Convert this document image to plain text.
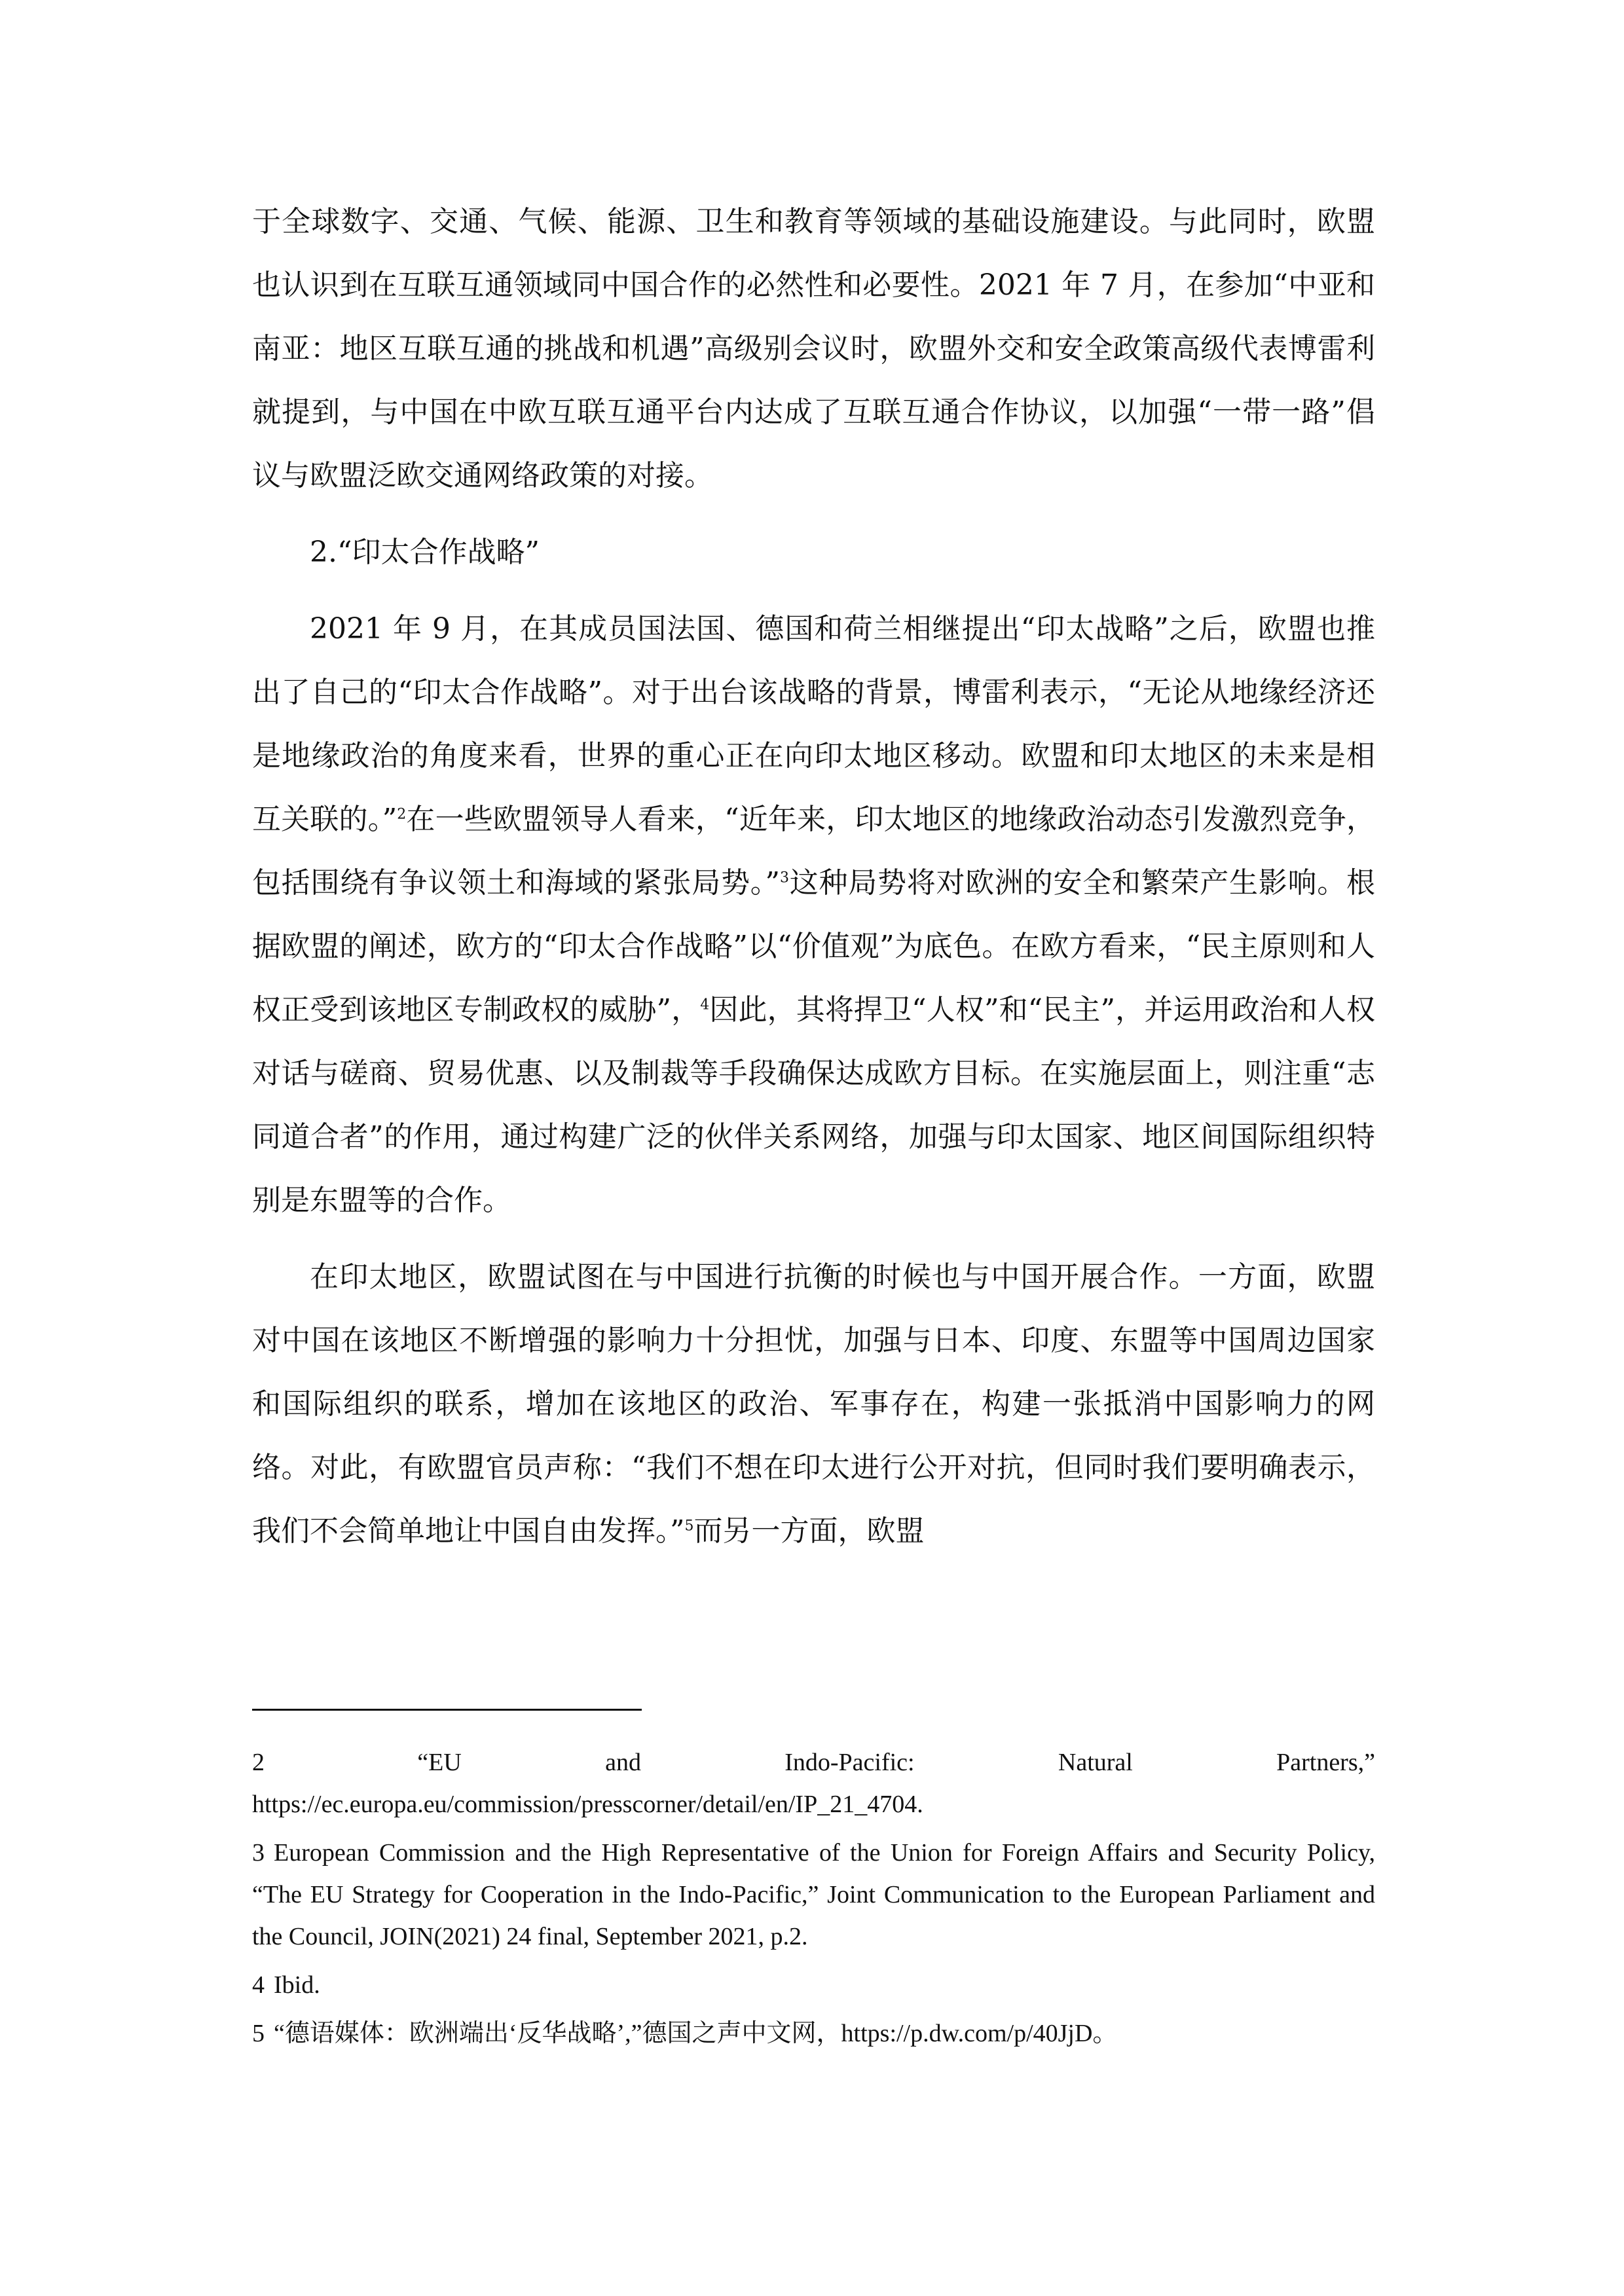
于全球数字、交通、气候、能源、卫生和教育等领域的基础设施建设。与此同时，欧盟也认识到在互联互通领域同中国合作的必然性和必要性。2021 年 7 月，在参加“中亚和南亚：地区互联互通的挑战和机遇”高级别会议时，欧盟外交和安全政策高级代表博雷利就提到，与中国在中欧互联互通平台内达成了互联互通合作协议，以加强“一带一路”倡议与欧盟泛欧交通网络政策的对接。

2.“印太合作战略”

2021 年 9 月，在其成员国法国、德国和荷兰相继提出“印太战略”之后，欧盟也推出了自己的“印太合作战略”。对于出台该战略的背景，博雷利表示，“无论从地缘经济还是地缘政治的角度来看，世界的重心正在向印太地区移动。欧盟和印太地区的未来是相互关联的。”$^2$在一些欧盟领导人看来，“近年来，印太地区的地缘政治动态引发激烈竞争，包括围绕有争议领土和海域的紧张局势。”$^3$这种局势将对欧洲的安全和繁荣产生影响。根据欧盟的阐述，欧方的“印太合作战略”以“价值观”为底色。在欧方看来，“民主原则和人权正受到该地区专制政权的威胁”，$^4$因此，其将捍卫“人权”和“民主”，并运用政治和人权对话与磋商、贸易优惠、以及制裁等手段确保达成欧方目标。在实施层面上，则注重“志同道合者”的作用，通过构建广泛的伙伴关系网络，加强与印太国家、地区间国际组织特别是东盟等的合作。

在印太地区，欧盟试图在与中国进行抗衡的时候也与中国开展合作。一方面，欧盟对中国在该地区不断增强的影响力十分担忧，加强与日本、印度、东盟等中国周边国家和国际组织的联系，增加在该地区的政治、军事存在，构建一张抵消中国影响力的网络。对此，有欧盟官员声称：“我们不想在印太进行公开对抗，但同时我们要明确表示，我们不会简单地让中国自由发挥。”$^5$而另一方面，欧盟

2	“EU and Indo-Pacific: Natural Partners,”

https://ec.europa.eu/commission/presscorner/detail/en/IP_21_4704.

3 European Commission and the High Representative of the Union for Foreign Affairs and Security Policy, “The EU Strategy for Cooperation in the Indo-Pacific,” Joint Communication to the European Parliament and the Council, JOIN(2021) 24 final, September 2021, p.2.

4 Ibid.

5 “德语媒体：欧洲端出‘反华战略’,”德国之声中文网，https://p.dw.com/p/40JjD。
